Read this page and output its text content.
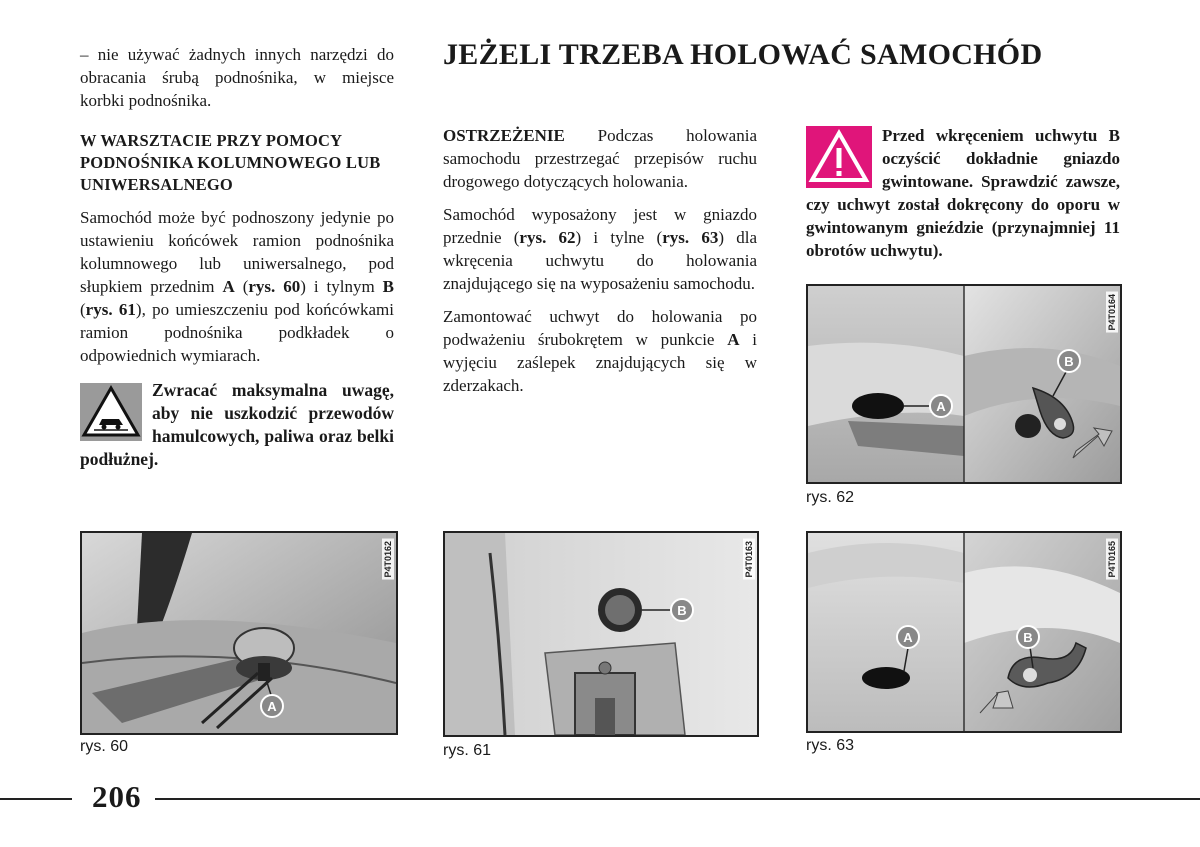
– nie używać żadnych innych narzędzi do obracania śrubą podnośnika, w miejsce korbki podnośnika.

W WARSZTACIE PRZY POMOCY PODNOŚNIKA KOLUMNOWEGO LUB UNIWERSALNEGO

Samochód może być podnoszony jedynie po ustawieniu końcówek ramion podnośnika kolumnowego lub uniwersalnego, pod słupkiem przednim A (rys. 60) i tylnym B (rys. 61), po umieszczeniu pod końcówkami ramion podnośnika podkładek o odpowiednich wymiarach.

Zwracać maksymalna uwagę, aby nie uszkodzić przewodów hamulcowych, paliwa oraz belki podłużnej.
JEŻELI TRZEBA HOLOWAĆ SAMOCHÓD

OSTRZEŻENIE Podczas holowania samochodu przestrzegać przepisów ruchu drogowego dotyczących holowania.

Samochód wyposażony jest w gniazdo przednie (rys. 62) i tylne (rys. 63) dla wkręcenia uchwytu do holowania znajdującego się na wyposażeniu samochodu.

Zamontować uchwyt do holowania po podważeniu śrubokrętem w punkcie A i wyjęciu zaślepek znajdujących się w zderzakach.

Przed wkręceniem uchwytu B oczyścić dokładnie gniazdo gwintowane. Sprawdzić zawsze, czy uchwyt został dokręcony do oporu w gwintowanym gnieździe (przynajmniej 11 obrotów uchwytu).
A
B
P4T0164
rys. 62
A
P4T0162
rys. 60
B
P4T0163
rys. 61
A	B
P4T0165
rys. 63
206
